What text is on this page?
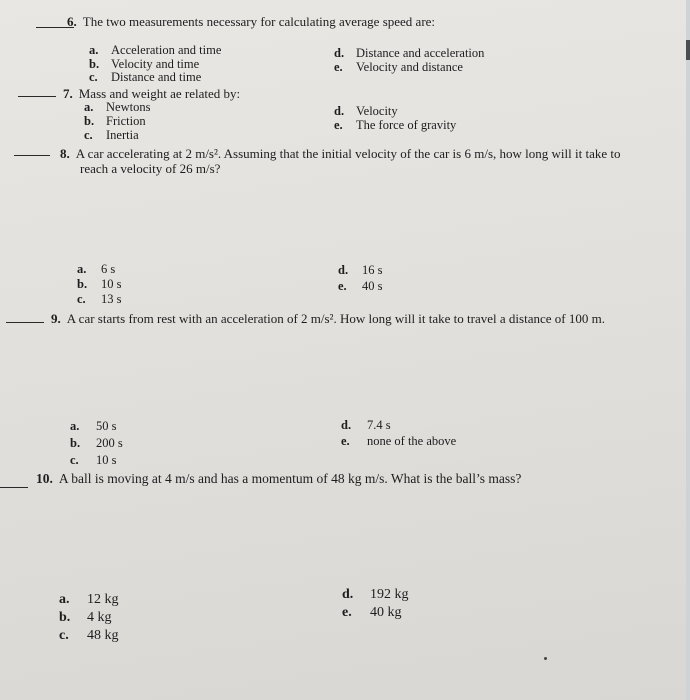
6. The two measurements necessary for calculating average speed are:
a. Acceleration and time
b. Velocity and time
c. Distance and time
d. Distance and acceleration
e. Velocity and distance
7. Mass and weight ae related by:
a. Newtons
b. Friction
c. Inertia
d. Velocity
e. The force of gravity
8. A car accelerating at 2 m/s². Assuming that the initial velocity of the car is 6 m/s, how long will it take to
reach a velocity of 26 m/s?
a. 6 s
b. 10 s
c. 13 s
d. 16 s
e. 40 s
9. A car starts from rest with an acceleration of 2 m/s². How long will it take to travel a distance of 100 m.
a. 50 s
b. 200 s
c. 10 s
d. 7.4 s
e. none of the above
10. A ball is moving at 4 m/s and has a momentum of 48 kg m/s. What is the ball’s mass?
a. 12 kg
b. 4 kg
c. 48 kg
d. 192 kg
e. 40 kg
